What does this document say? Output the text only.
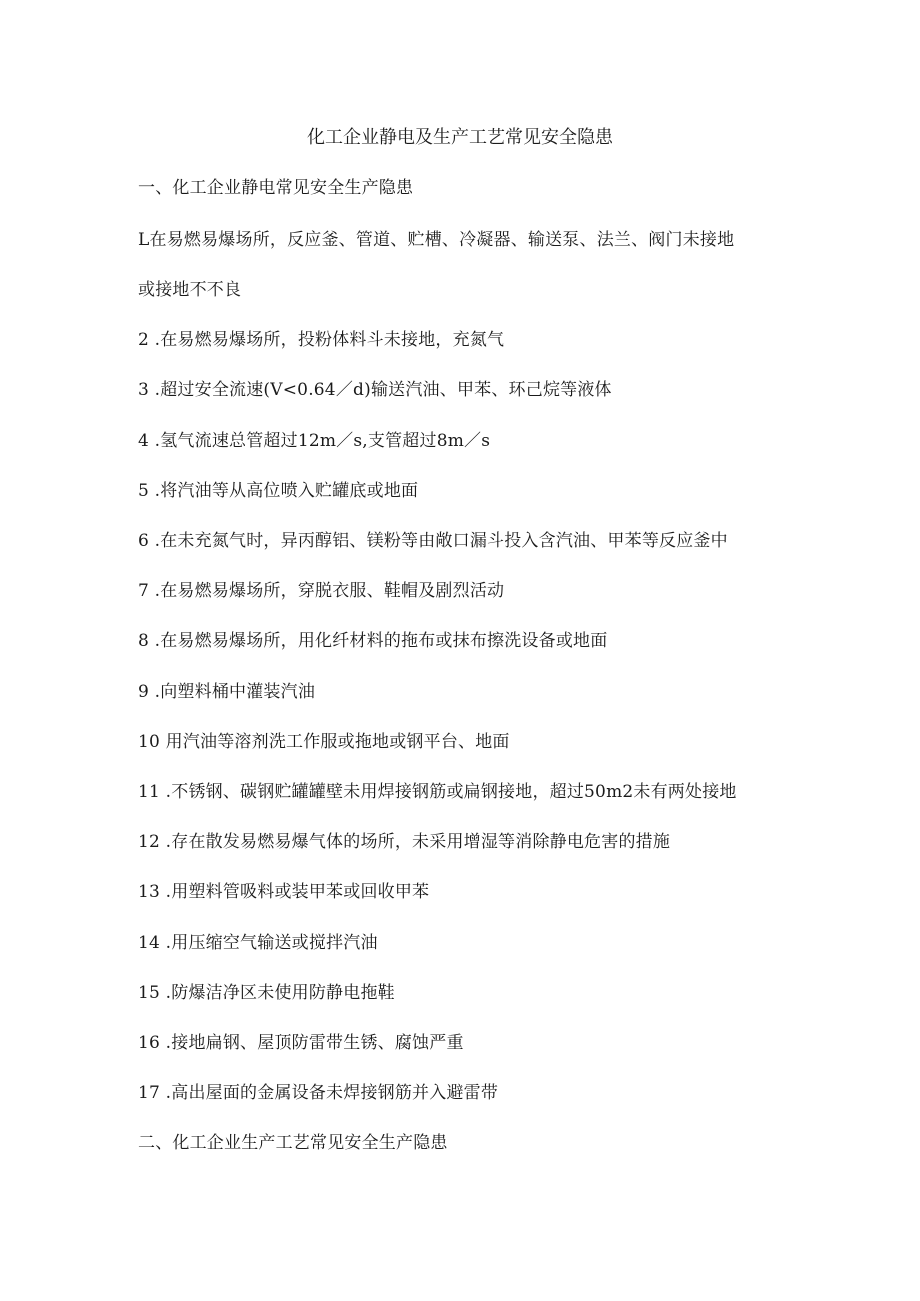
化工企业静电及生产工艺常见安全隐患
一、化工企业静电常见安全生产隐患
L在易燃易爆场所，反应釜、管道、贮槽、冷凝器、输送泵、法兰、阀门未接地
或接地不不良
2 .在易燃易爆场所，投粉体料斗未接地，充氮气
3 .超过安全流速(V<0.64／d)输送汽油、甲苯、环己烷等液体
4 .氢气流速总管超过12m／s,支管超过8m／s
5 .将汽油等从高位喷入贮罐底或地面
6 .在未充氮气时，异丙醇铝、镁粉等由敞口漏斗投入含汽油、甲苯等反应釜中
7 .在易燃易爆场所，穿脱衣服、鞋帽及剧烈活动
8 .在易燃易爆场所，用化纤材料的拖布或抹布擦洗设备或地面
9 .向塑料桶中灌装汽油
10 用汽油等溶剂洗工作服或拖地或钢平台、地面
11 .不锈钢、碳钢贮罐罐壁未用焊接钢筋或扁钢接地，超过50m2未有两处接地
12 .存在散发易燃易爆气体的场所，未采用增湿等消除静电危害的措施
13 .用塑料管吸料或装甲苯或回收甲苯
14 .用压缩空气输送或搅拌汽油
15 .防爆洁净区未使用防静电拖鞋
16 .接地扁钢、屋顶防雷带生锈、腐蚀严重
17 .高出屋面的金属设备未焊接钢筋并入避雷带
二、化工企业生产工艺常见安全生产隐患
